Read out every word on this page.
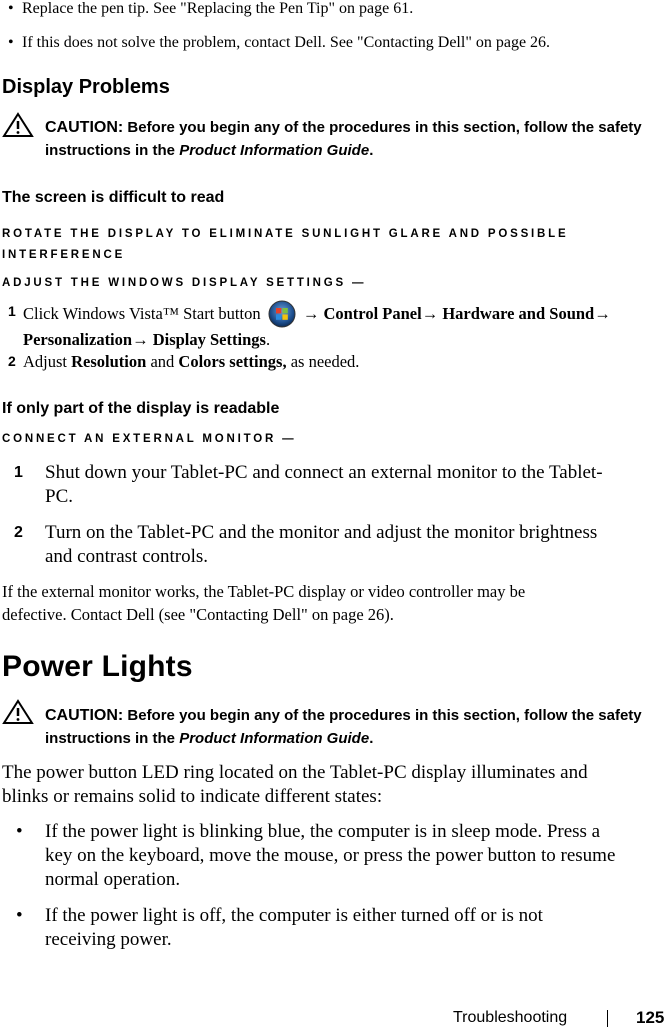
• Replace the pen tip. See "Replacing the Pen Tip" on page 61.
• If this does not solve the problem, contact Dell. See "Contacting Dell" on page 26.
Display Problems
CAUTION: Before you begin any of the procedures in this section, follow the safety instructions in the Product Information Guide.
The screen is difficult to read
ROTATE THE DISPLAY TO ELIMINATE SUNLIGHT GLARE AND POSSIBLE
INTERFERENCE
ADJUST THE WINDOWS DISPLAY SETTINGS —
1 Click Windows Vista™ Start button	→ Control Panel→ Hardware and Sound→ Personalization→ Display Settings.
2 Adjust Resolution and Colors settings, as needed.
If only part of the display is readable
CONNECT AN EXTERNAL MONITOR —
1 Shut down your Tablet-PC and connect an external monitor to the Tablet-
PC.
2 Turn on the Tablet-PC and the monitor and adjust the monitor brightness
and contrast controls.
If the external monitor works, the Tablet-PC display or video controller may be
defective. Contact Dell (see "Contacting Dell" on page 26).
Power Lights
CAUTION: Before you begin any of the procedures in this section, follow the safety instructions in the Product Information Guide.
The power button LED ring located on the Tablet-PC display illuminates and
blinks or remains solid to indicate different states:
• If the power light is blinking blue, the computer is in sleep mode. Press a
key on the keyboard, move the mouse, or press the power button to resume
normal operation.
• If the power light is off, the computer is either turned off or is not
receiving power.
Troubleshooting	125
